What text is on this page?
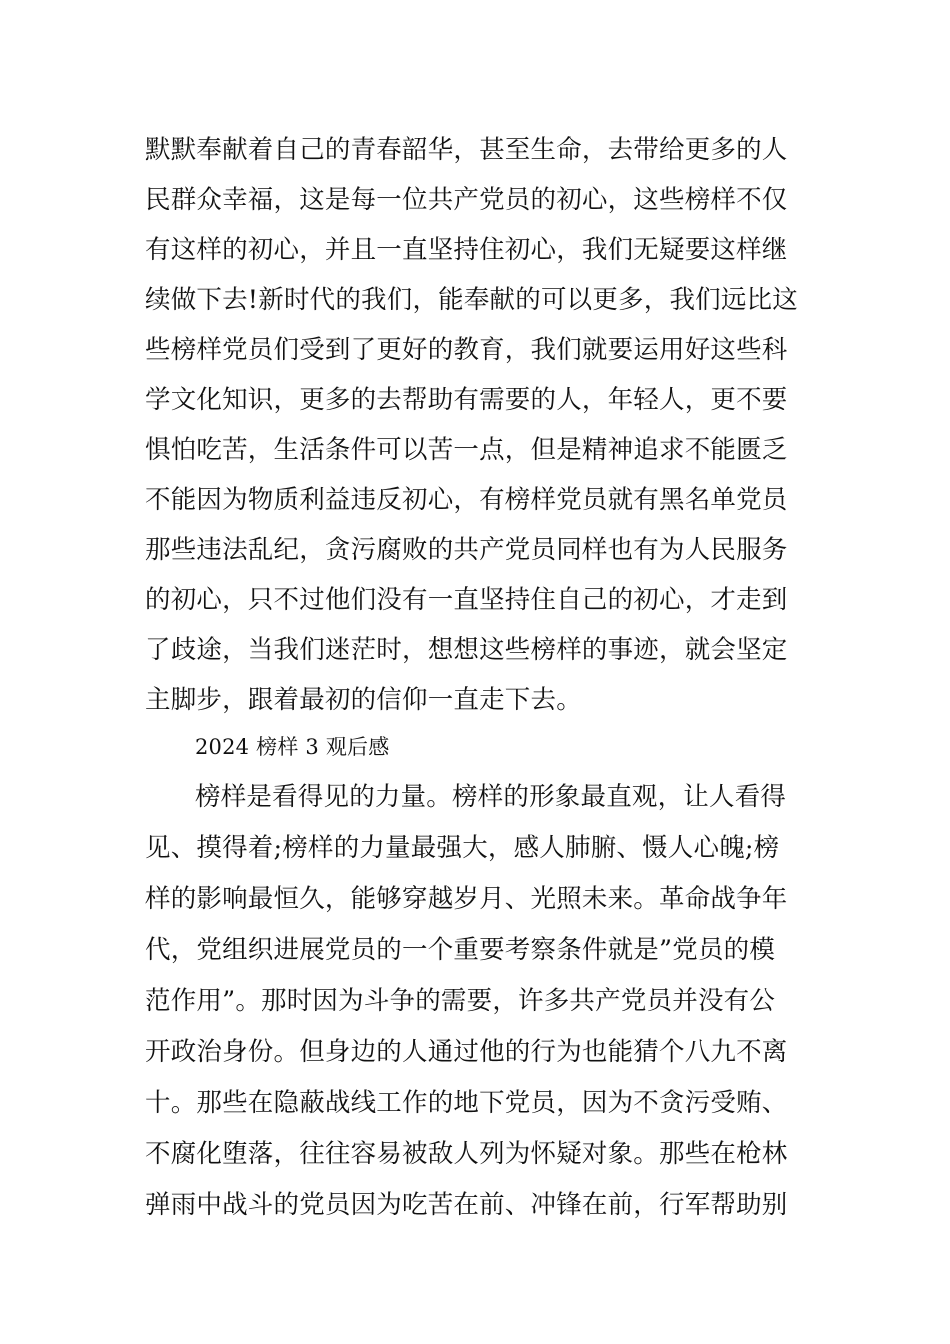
默默奉献着自己的青春韶华，甚至生命，去带给更多的人
民群众幸福，这是每一位共产党员的初心，这些榜样不仅
有这样的初心，并且一直坚持住初心，我们无疑要这样继
续做下去!新时代的我们，能奉献的可以更多，我们远比这
些榜样党员们受到了更好的教育，我们就要运用好这些科
学文化知识，更多的去帮助有需要的人，年轻人，更不要
惧怕吃苦，生活条件可以苦一点，但是精神追求不能匮乏
不能因为物质利益违反初心，有榜样党员就有黑名单党员
那些违法乱纪，贪污腐败的共产党员同样也有为人民服务
的初心，只不过他们没有一直坚持住自己的初心，才走到
了歧途，当我们迷茫时，想想这些榜样的事迹，就会坚定
主脚步，跟着最初的信仰一直走下去。
2024 榜样 3 观后感
榜样是看得见的力量。榜样的形象最直观，让人看得
见、摸得着;榜样的力量最强大，感人肺腑、慑人心魄;榜
样的影响最恒久，能够穿越岁月、光照未来。革命战争年
代，党组织进展党员的一个重要考察条件就是”党员的模
范作用”。那时因为斗争的需要，许多共产党员并没有公
开政治身份。但身边的人通过他的行为也能猜个八九不离
十。那些在隐蔽战线工作的地下党员，因为不贪污受贿、
不腐化堕落，往往容易被敌人列为怀疑对象。那些在枪林
弹雨中战斗的党员因为吃苦在前、冲锋在前，行军帮助别
